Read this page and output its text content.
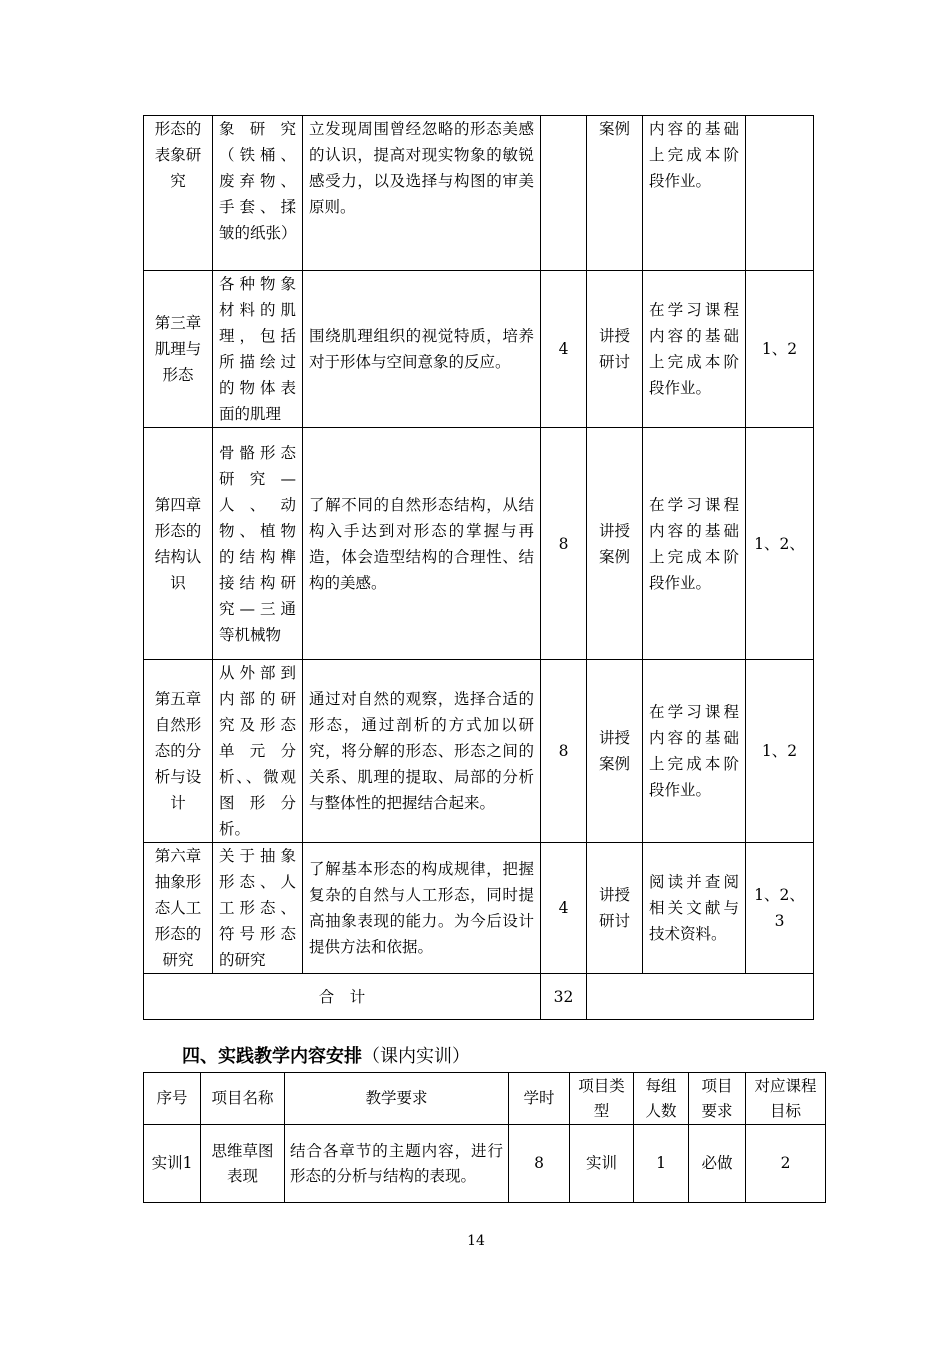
形态的表象研究	象研究（铁桶、废弃物、手套、揉皱的纸张）	立发现周围曾经忽略的形态美感的认识，提高对现实物象的敏锐感受力，以及选择与构图的审美原则。		案例	内容的基础上完成本阶段作业。	
第三章肌理与形态	各种物象材料的肌理，包括所描绘过的物体表面的肌理	围绕肌理组织的视觉特质，培养对于形体与空间意象的反应。	4	讲授研讨	在学习课程内容的基础上完成本阶段作业。	1、2
第四章形态的结构认识	骨骼形态研究—人、动物、植物的结构榫接结构研究—三通等机械物	了解不同的自然形态结构，从结构入手达到对形态的掌握与再造，体会造型结构的合理性、结构的美感。	8	讲授案例	在学习课程内容的基础上完成本阶段作业。	1、2、
第五章自然形态的分析与设计	从外部到内部的研究及形态单元分析、、微观图形分析。	通过对自然的观察，选择合适的形态，通过剖析的方式加以研究，将分解的形态、形态之间的关系、肌理的提取、局部的分析与整体性的把握结合起来。	8	讲授案例	在学习课程内容的基础上完成本阶段作业。	1、2
第六章抽象形态人工形态的研究	关于抽象形态、人工形态、符号形态的研究	了解基本形态的构成规律，把握复杂的自然与人工形态，同时提高抽象表现的能力。为今后设计提供方法和依据。	4	讲授研讨	阅读并查阅相关文献与技术资料。	1、2、3
合　计			32			
四、实践教学内容安排（课内实训）
序号	项目名称	教学要求	学时	项目类型	每组人数	项目要求	对应课程目标
实训1	思维草图表现	结合各章节的主题内容，进行形态的分析与结构的表现。	8	实训	1	必做	2
14
